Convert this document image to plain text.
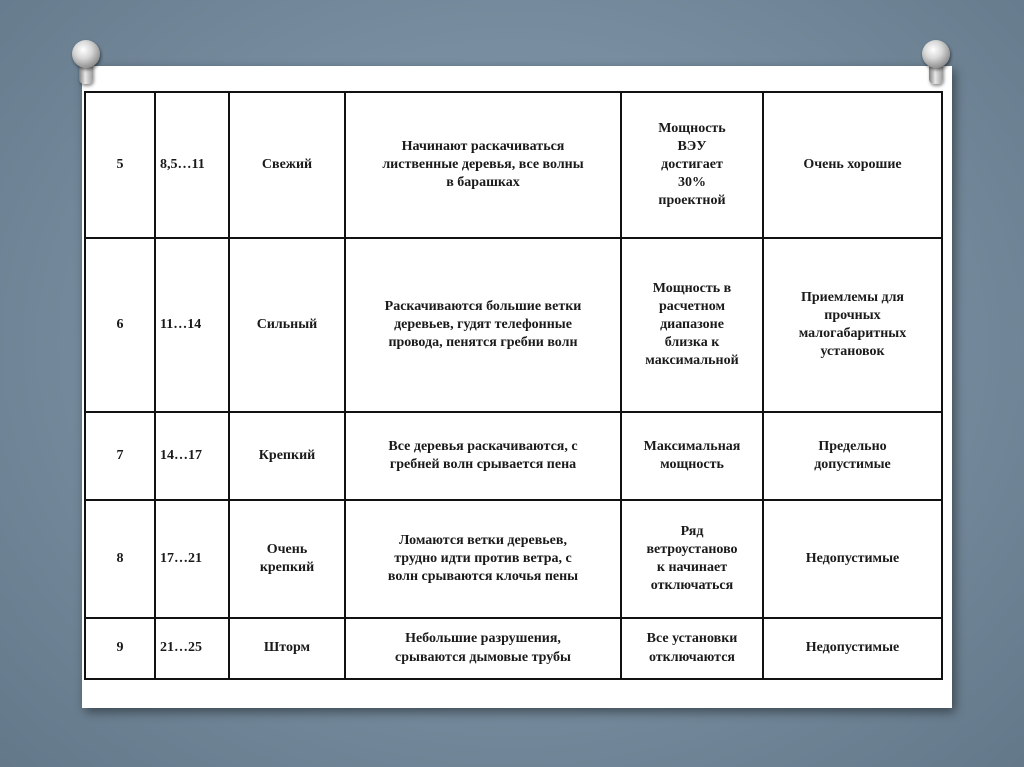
5	8,5…11	Свежий	Начинают раскачиваться
лиственные деревья, все волны
в барашках	Мощность
ВЭУ
достигает
30%
проектной	Очень хорошие
6	11…14	Сильный	Раскачиваются большие ветки
деревьев, гудят телефонные
провода, пенятся гребни волн	Мощность в
расчетном
диапазоне
близка к
максимальной	Приемлемы для
прочных
малогабаритных
установок
7	14…17	Крепкий	Все деревья раскачиваются, с
гребней волн срывается пена	Максимальная
мощность	Предельно
допустимые
8	17…21	Очень
крепкий	Ломаются ветки деревьев,
трудно идти против ветра, с
волн срываются клочья пены	Ряд
ветроустаново
к начинает
отключаться	Недопустимые
9	21…25	Шторм	Небольшие разрушения,
срываются дымовые трубы	Все установки
отключаются	Недопустимые
